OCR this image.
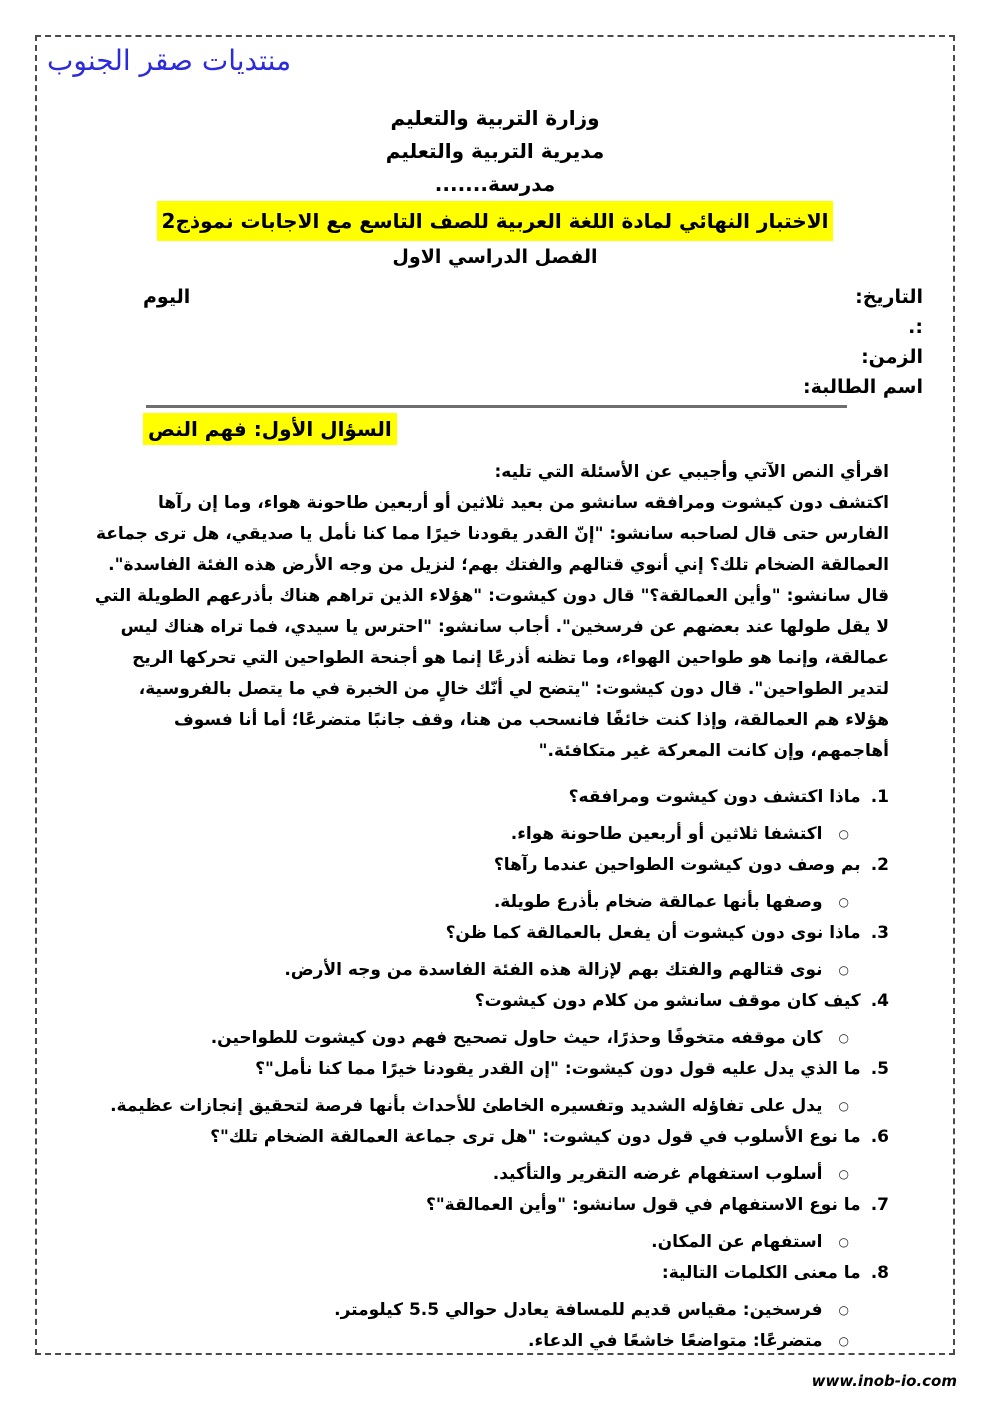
منتديات صقر الجنوب
وزارة التربية والتعليم
مديرية التربية والتعليم
مدرسة.......
الاختبار النهائي لمادة اللغة العربية للصف التاسع مع الاجابات نموذج2
الفصل الدراسي الاول
التاريخ:
اليوم
.:
الزمن:
اسم الطالبة:
السؤال الأول: فهم النص
اقرأي النص الآتي وأجيبي عن الأسئلة التي تليه:
اكتشف دون كيشوت ومرافقه سانشو من بعيد ثلاثين أو أربعين طاحونة هواء، وما إن رآها الفارس حتى قال لصاحبه سانشو: "إنّ القدر يقودنا خيرًا مما كنا نأمل يا صديقي، هل ترى جماعة العمالقة الضخام تلك؟ إني أنوي قتالهم والفتك بهم؛ لنزيل من وجه الأرض هذه الفئة الفاسدة". قال سانشو: "وأين العمالقة؟" قال دون كيشوت: "هؤلاء الذين تراهم هناك بأذرعهم الطويلة التي لا يقل طولها عند بعضهم عن فرسخين". أجاب سانشو: "احترس يا سيدي، فما تراه هناك ليس عمالقة، وإنما هو طواحين الهواء، وما تظنه أذرعًا إنما هو أجنحة الطواحين التي تحركها الريح لتدير الطواحين". قال دون كيشوت: "يتضح لي أنّك خالٍ من الخبرة في ما يتصل بالفروسية، هؤلاء هم العمالقة، وإذا كنت خائفًا فانسحب من هنا، وقف جانبًا متضرعًا؛ أما أنا فسوف أهاجمهم، وإن كانت المعركة غير متكافئة."
1.
ماذا اكتشف دون كيشوت ومرافقه؟
○
اكتشفا ثلاثين أو أربعين طاحونة هواء.
2.
بم وصف دون كيشوت الطواحين عندما رآها؟
○
وصفها بأنها عمالقة ضخام بأذرع طويلة.
3.
ماذا نوى دون كيشوت أن يفعل بالعمالقة كما ظن؟
○
نوى قتالهم والفتك بهم لإزالة هذه الفئة الفاسدة من وجه الأرض.
4.
كيف كان موقف سانشو من كلام دون كيشوت؟
○
كان موقفه متخوفًا وحذرًا، حيث حاول تصحيح فهم دون كيشوت للطواحين.
5.
ما الذي يدل عليه قول دون كيشوت: "إن القدر يقودنا خيرًا مما كنا نأمل"؟
○
يدل على تفاؤله الشديد وتفسيره الخاطئ للأحداث بأنها فرصة لتحقيق إنجازات عظيمة.
6.
ما نوع الأسلوب في قول دون كيشوت: "هل ترى جماعة العمالقة الضخام تلك"؟
○
أسلوب استفهام غرضه التقرير والتأكيد.
7.
ما نوع الاستفهام في قول سانشو: "وأين العمالقة"؟
○
استفهام عن المكان.
8.
ما معنى الكلمات التالية:
○
فرسخين: مقياس قديم للمسافة يعادل حوالي 5.5 كيلومتر.
○
متضرعًا: متواضعًا خاشعًا في الدعاء.
www.inob-io.com
